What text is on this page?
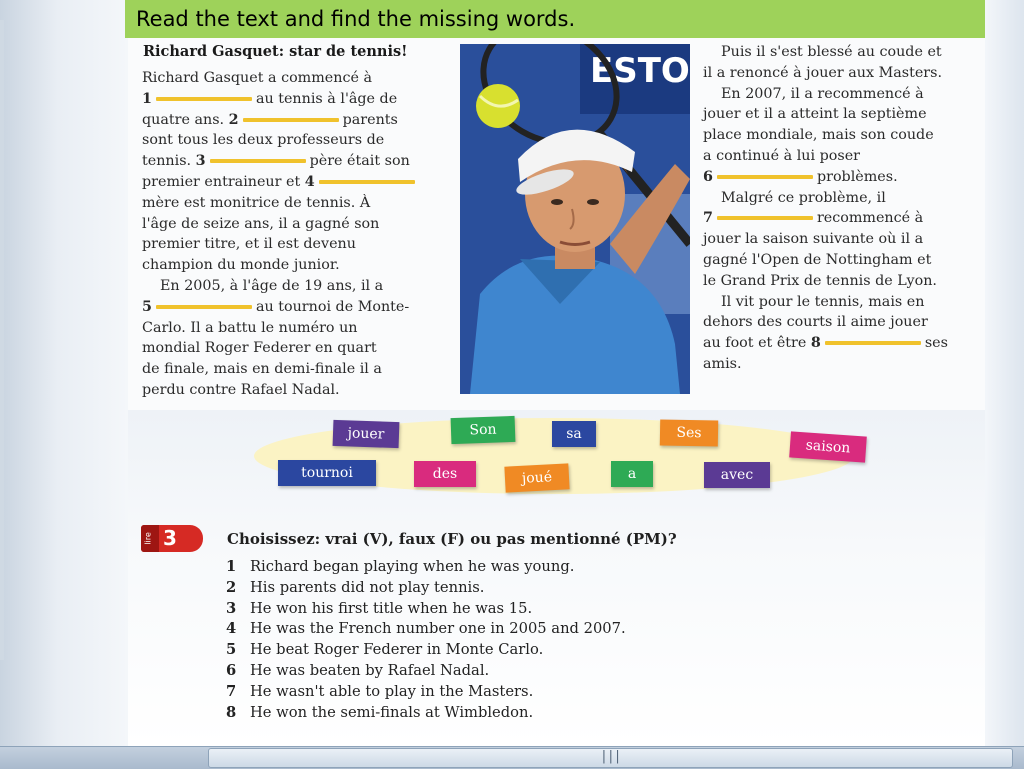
Read the text and find the missing words.
Richard Gasquet: star de tennis!
Richard Gasquet a commencé à
1	au tennis à l'âge de
quatre ans. 2	parents
sont tous les deux professeurs de
tennis. 3	père était son
premier entraineur et 4
mère est monitrice de tennis. À
l'âge de seize ans, il a gagné son
premier titre, et il est devenu
champion du monde junior.
En 2005, à l'âge de 19 ans, il a
5	au tournoi de Monte-
Carlo. Il a battu le numéro un
mondial Roger Federer en quart
de finale, mais en demi-finale il a
perdu contre Rafael Nadal.
Puis il s'est blessé au coude et
il a renoncé à jouer aux Masters.
En 2007, il a recommencé à
jouer et il a atteint la septième
place mondiale, mais son coude
a continué à lui poser
6	problèmes.
Malgré ce problème, il
7	recommencé à
jouer la saison suivante où il a
gagné l'Open de Nottingham et
le Grand Prix de tennis de Lyon.
Il vit pour le tennis, mais en
dehors des courts il aime jouer
au foot et être 8	ses
amis.
ESTO
jouer	Son	sa	Ses
saison
tournoi	des	joué	a	avec
lire 3	Choisissez: vrai (V), faux (F) ou pas mentionné (PM)?
1 Richard began playing when he was young.
2 His parents did not play tennis.
3 He won his first title when he was 15.
4 He was the French number one in 2005 and 2007.
5 He beat Roger Federer in Monte Carlo.
6 He was beaten by Rafael Nadal.
7 He wasn't able to play in the Masters.
8 He won the semi-finals at Wimbledon.
|||
